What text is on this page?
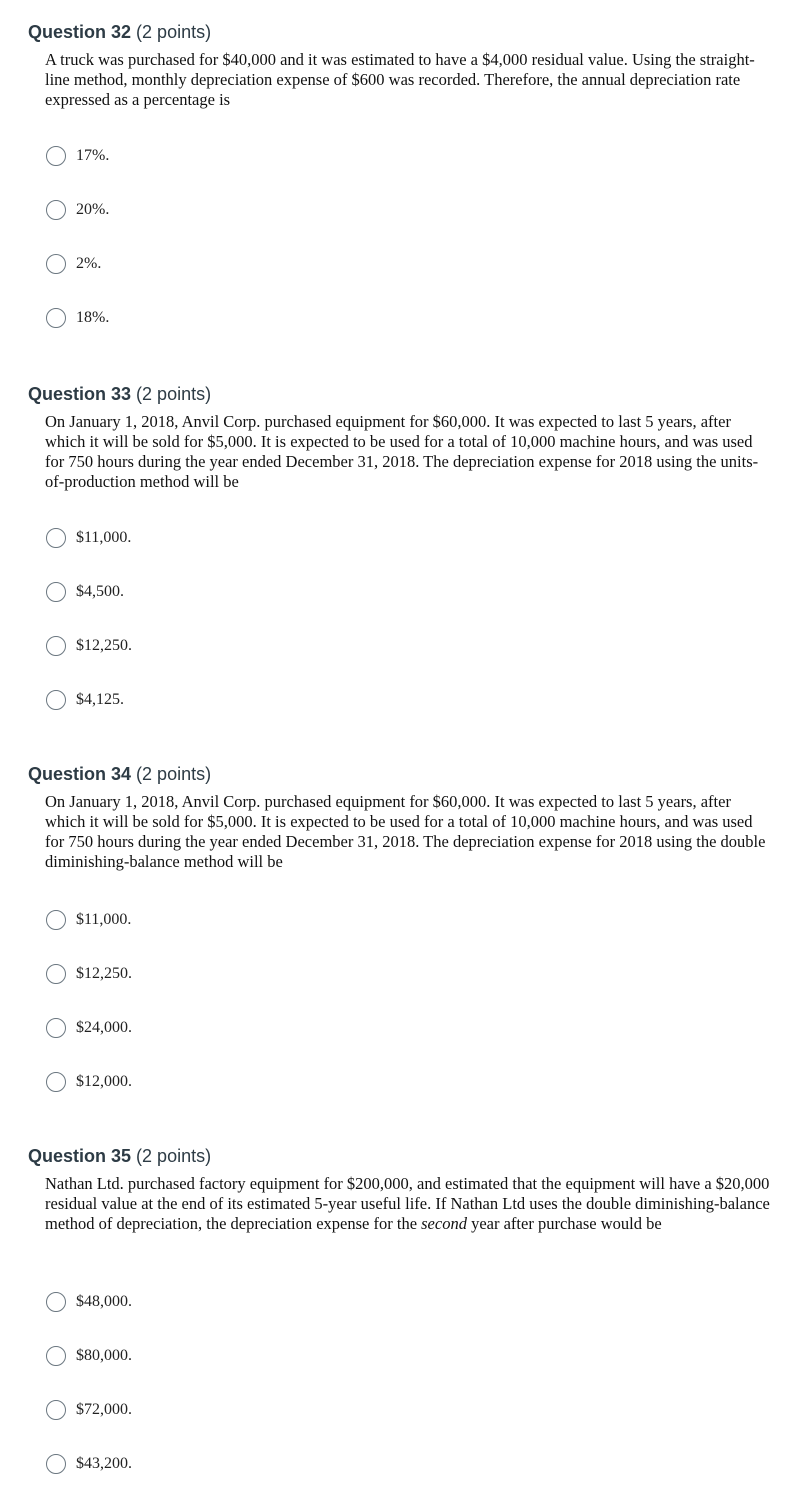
Question 32 (2 points)
A truck was purchased for $40,000 and it was estimated to have a $4,000 residual value. Using the straight-line method, monthly depreciation expense of $600 was recorded. Therefore, the annual depreciation rate expressed as a percentage is
17%.
20%.
2%.
18%.
Question 33 (2 points)
On January 1, 2018, Anvil Corp. purchased equipment for $60,000. It was expected to last 5 years, after which it will be sold for $5,000. It is expected to be used for a total of 10,000 machine hours, and was used for 750 hours during the year ended December 31, 2018. The depreciation expense for 2018 using the units-of-production method will be
$11,000.
$4,500.
$12,250.
$4,125.
Question 34 (2 points)
On January 1, 2018, Anvil Corp. purchased equipment for $60,000. It was expected to last 5 years, after which it will be sold for $5,000. It is expected to be used for a total of 10,000 machine hours, and was used for 750 hours during the year ended December 31, 2018. The depreciation expense for 2018 using the double diminishing-balance method will be
$11,000.
$12,250.
$24,000.
$12,000.
Question 35 (2 points)
Nathan Ltd. purchased factory equipment for $200,000, and estimated that the equipment will have a $20,000 residual value at the end of its estimated 5-year useful life. If Nathan Ltd uses the double diminishing-balance method of depreciation, the depreciation expense for the second year after purchase would be
$48,000.
$80,000.
$72,000.
$43,200.
